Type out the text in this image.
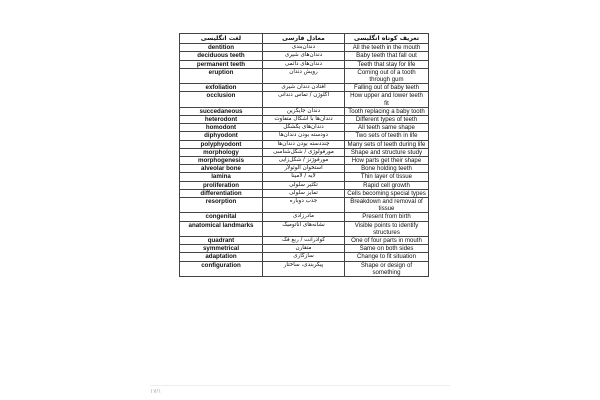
لغت انگلیسی	معادل فارسی	تعریف کوتاه انگلیسی
dentition	دندان‌بندی	All the teeth in the mouth
deciduous teeth	دندان‌های شیری	Baby teeth that fall out
permanent teeth	دندان‌های دائمی	Teeth that stay for life
eruption	رویش دندان	Coming out of a tooth through gum
exfoliation	افتادن دندان شیری	Falling out of baby teeth
occlusion	اکلوژن / تماس دندانی	How upper and lower teeth fit
succedaneous	دندان جایگزین	Tooth replacing a baby tooth
heterodont	دندان‌ها با اشکال متفاوت	Different types of teeth
homodont	دندان‌های یکشکل	All teeth same shape
diphyodont	دودسته بودن دندان‌ها	Two sets of teeth in life
polyphyodont	چنددسته بودن دندان‌ها	Many sets of teeth during life
morphology	مورفولوژی / شکل‌شناسی	Shape and structure study
morphogenesis	مورفوژنز / شکل‌زایی	How parts get their shape
alveolar bone	استخوان آلوئولار	Bone holding teeth
lamina	لایه / لامینا	Thin layer of tissue
proliferation	تکثیر سلولی	Rapid cell growth
differentiation	تمایز سلولی	Cells becoming special types
resorption	جذب دوباره	Breakdown and removal of tissue
congenital	مادرزادی	Present from birth
anatomical landmarks	نشانه‌های آناتومیک	Visible points to identify structures
quadrant	کوادرانت / ربع فک	One of four parts in mouth
symmetrical	متقارن	Same on both sides
adaptation	سازگاری	Change to fit situation
configuration	پیکربندی، ساختار	Shape or design of something
۱۷/۱
